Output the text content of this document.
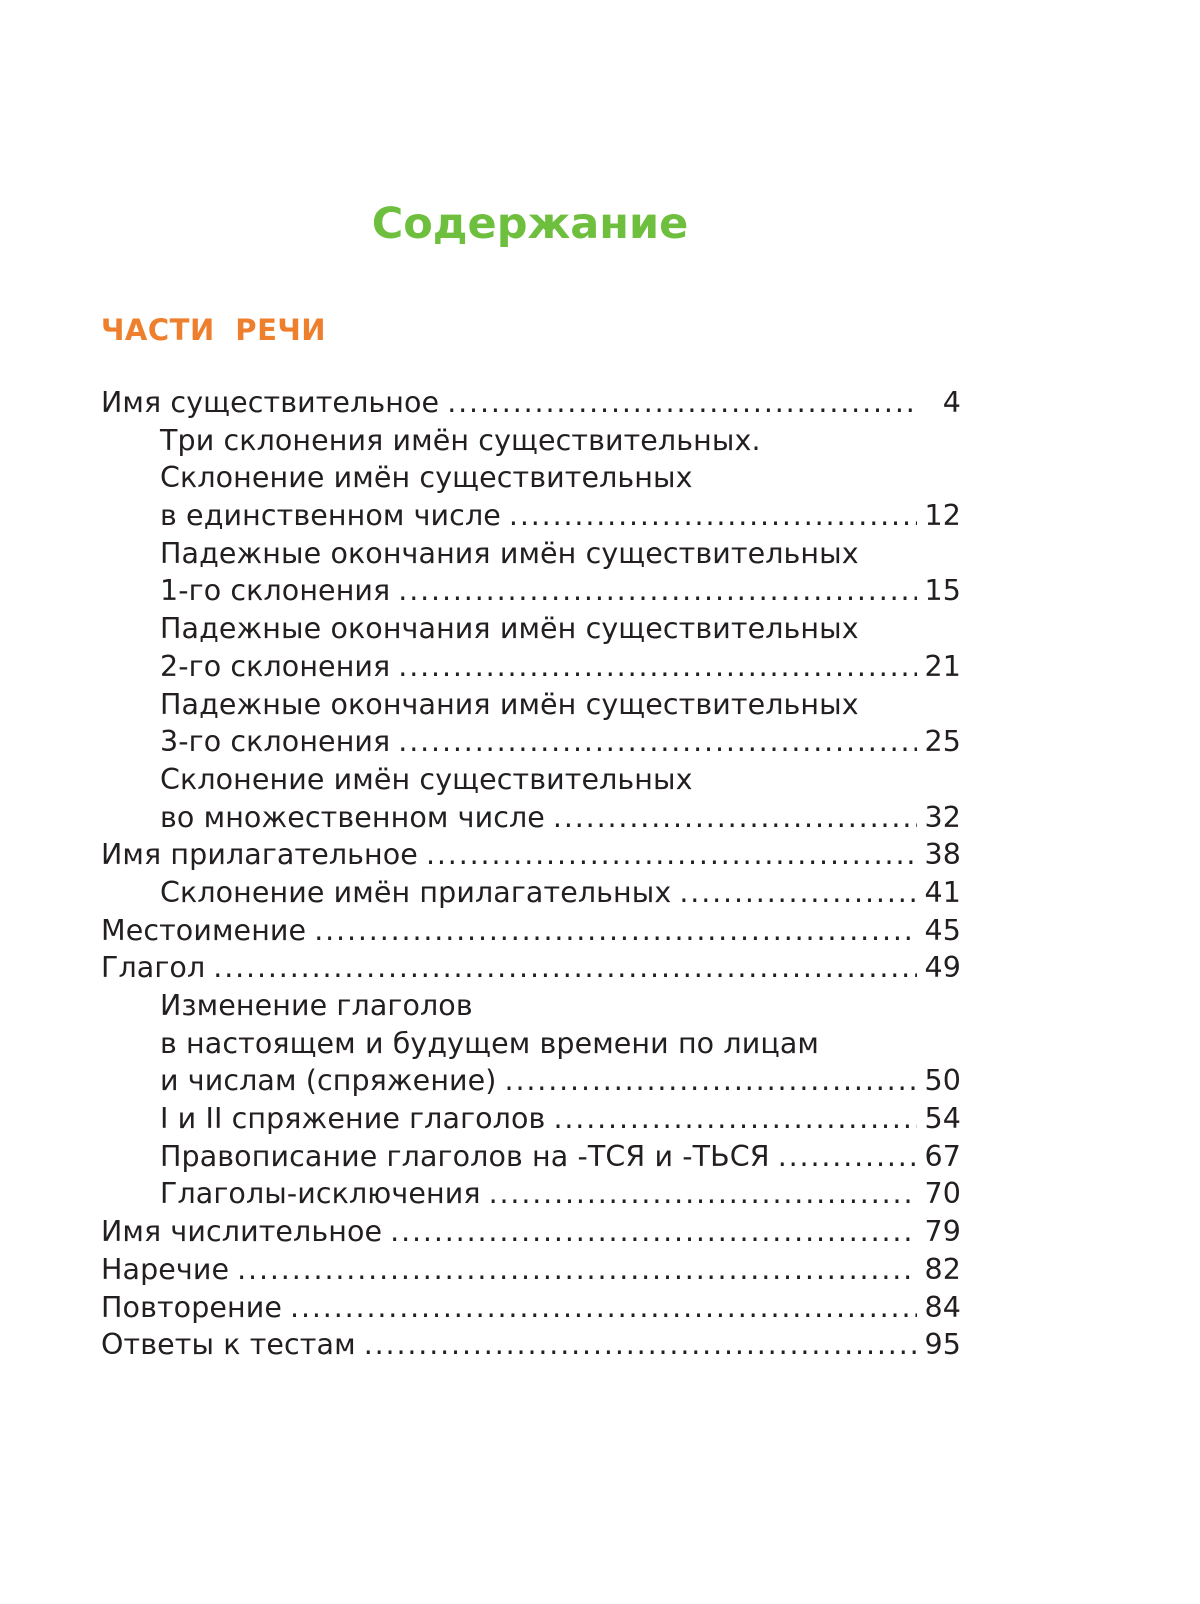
Содержание
ЧАСТИ РЕЧИ
Имя существительное . . .	4
Три склонения имён существительных.
Склонение имён существительных
в единственном числе . . .	12
Падежные окончания имён существительных
1-го склонения . . .	15
Падежные окончания имён существительных
2-го склонения . . .	21
Падежные окончания имён существительных
3-го склонения . . .	25
Склонение имён существительных
во множественном числе . . .	32
Имя прилагательное . . .	38
Склонение имён прилагательных . . .	41
Местоимение . . .	45
Глагол . . .	49
Изменение глаголов
в настоящем и будущем времени по лицам
и числам (спряжение) . . .	50
I и II спряжение глаголов . . .	54
Правописание глаголов на -ТСЯ и -ТЬСЯ . . .	67
Глаголы-исключения . . .	70
Имя числительное . . .	79
Наречие . . .	82
Повторение . . .	84
Ответы к тестам . . .	95
